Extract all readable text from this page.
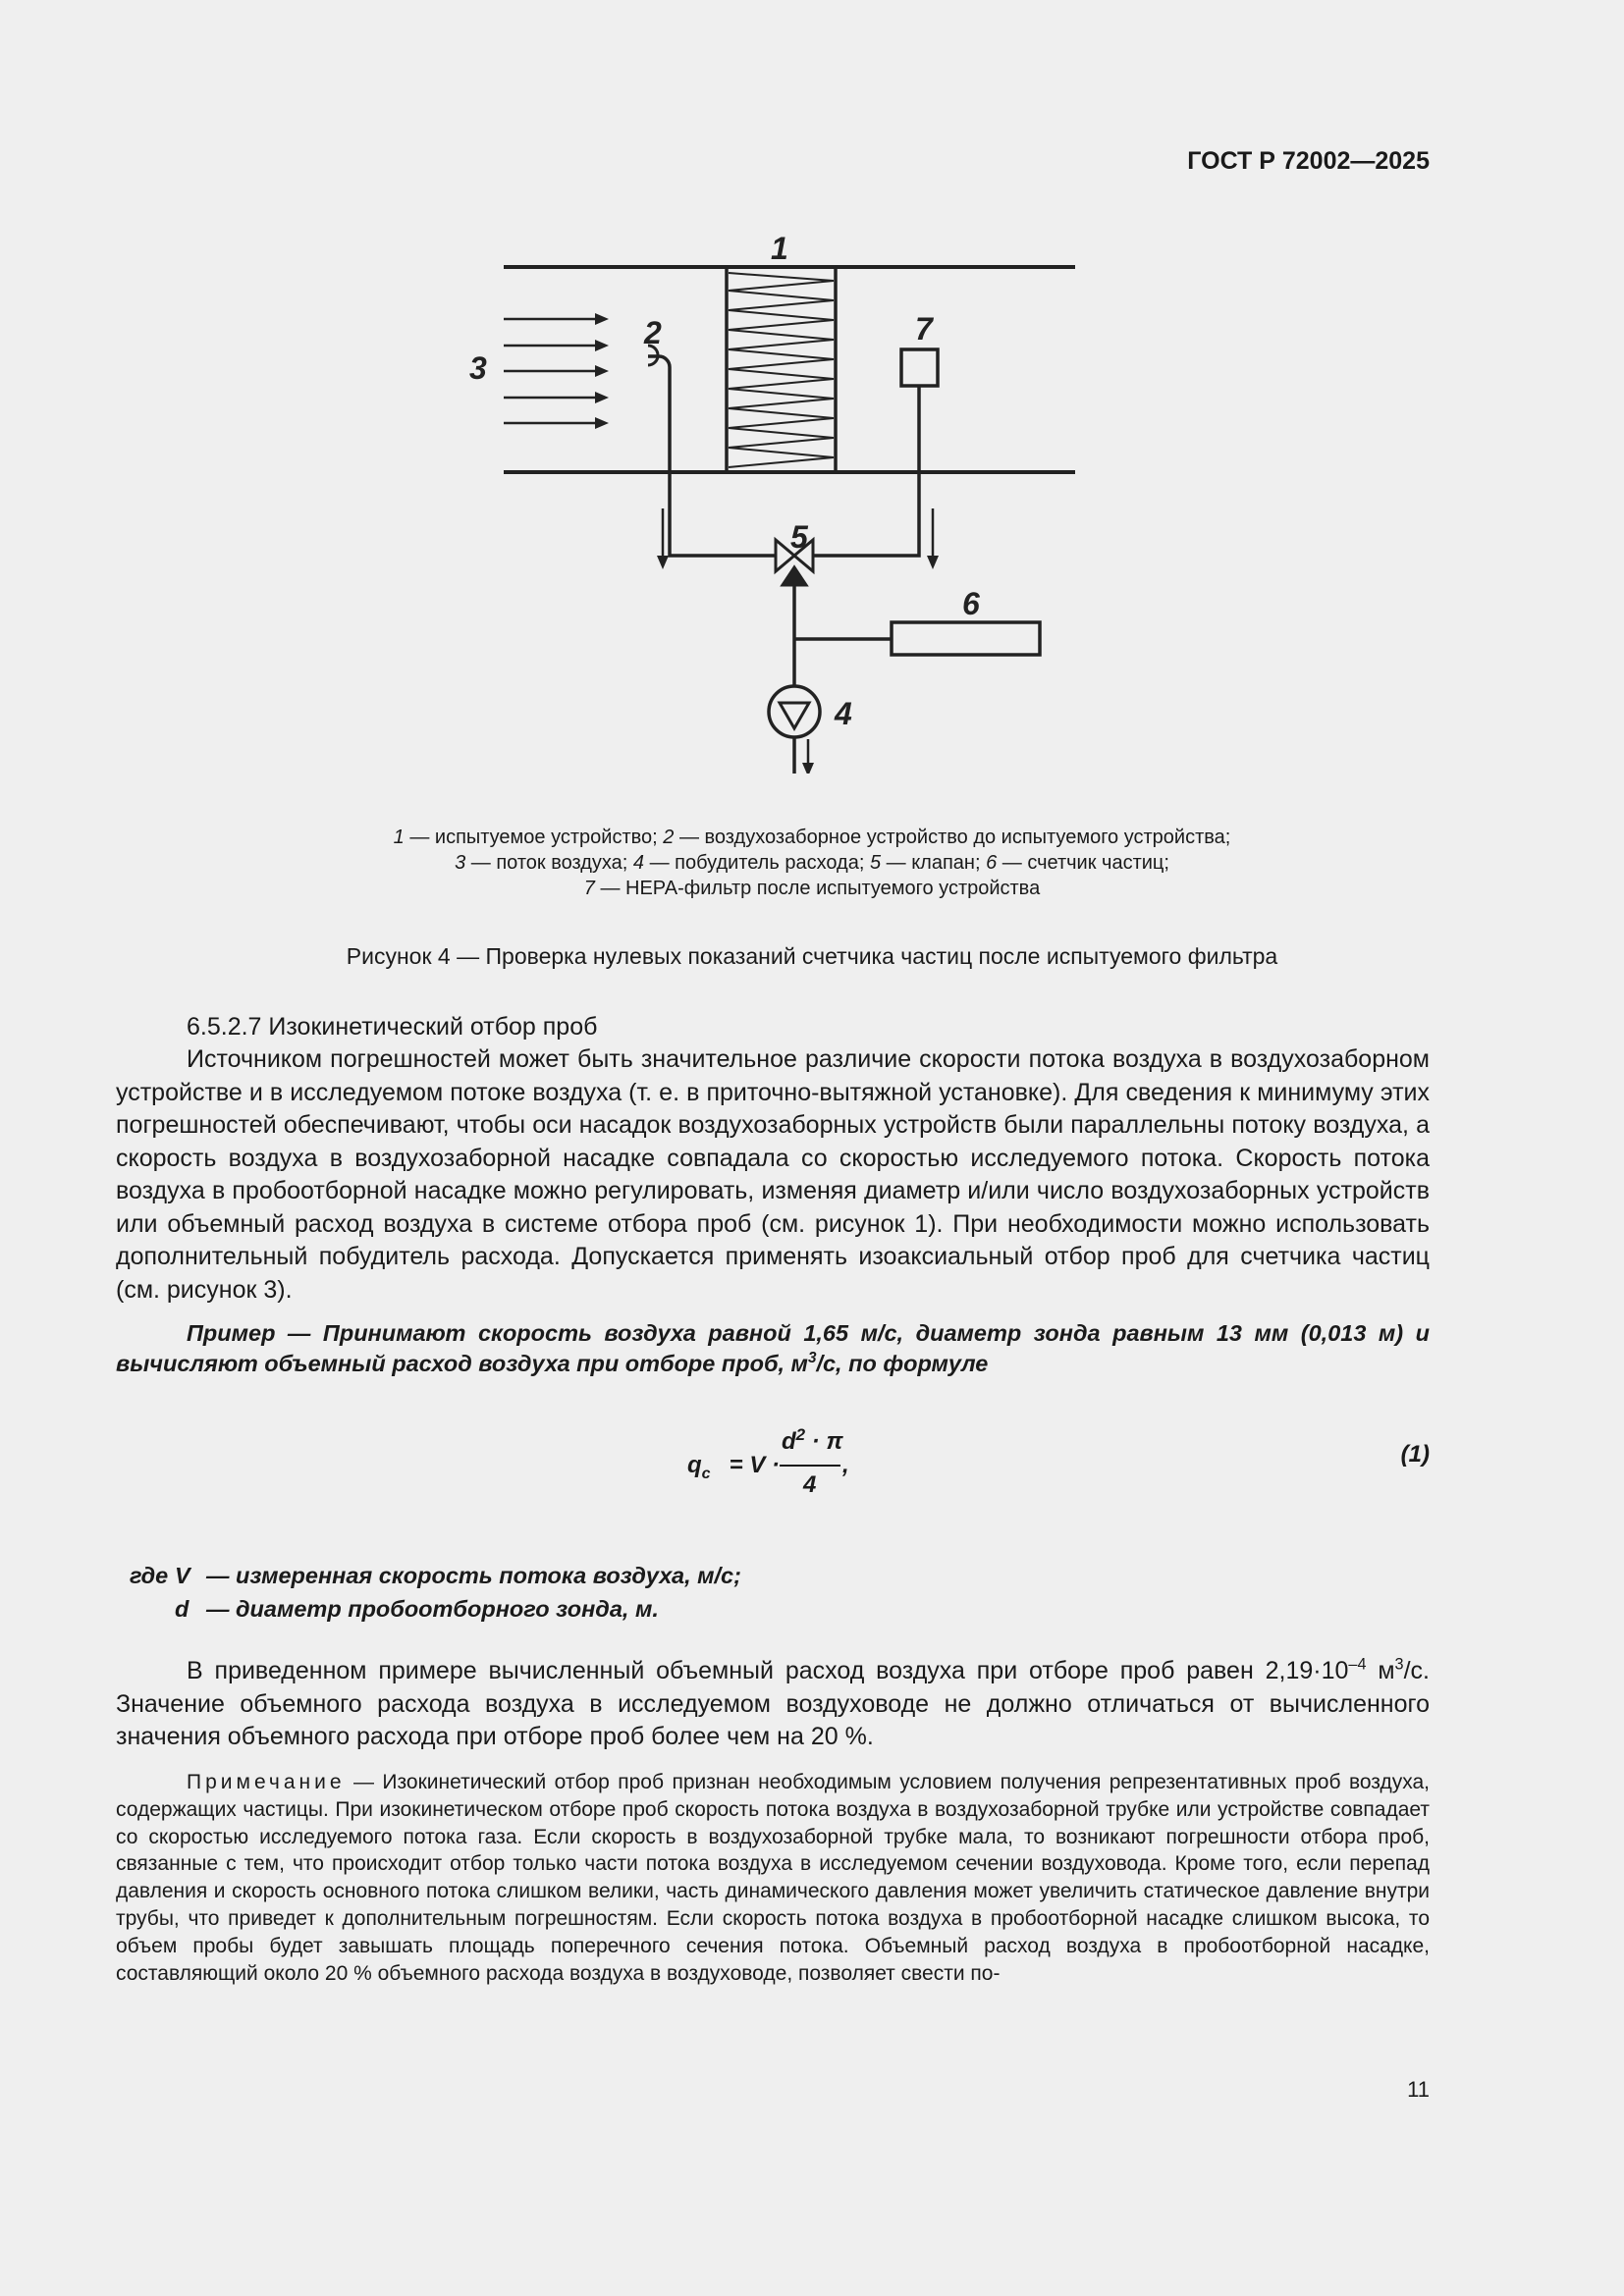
ГОСТ Р 72002—2025
1
2
3
4
5
6
7
1 — испытуемое устройство; 2 — воздухозаборное устройство до испытуемого устройства;
3 — поток воздуха; 4 — побудитель расхода; 5 — клапан; 6 — счетчик частиц;
7 — НЕРА-фильтр после испытуемого устройства
Рисунок 4 — Проверка нулевых показаний счетчика частиц после испытуемого фильтра
6.5.2.7 Изокинетический отбор проб
Источником погрешностей может быть значительное различие скорости потока воздуха в воздухозаборном устройстве и в исследуемом потоке воздуха (т. е. в приточно-вытяжной установке). Для сведения к минимуму этих погрешностей обеспечивают, чтобы оси насадок воздухозаборных устройств были параллельны потоку воздуха, а скорость воздуха в воздухозаборной насадке совпадала со скоростью исследуемого потока. Скорость потока воздуха в пробоотборной насадке можно регулировать, изменяя диаметр и/или число воздухозаборных устройств или объемный расход воздуха в системе отбора проб (см. рисунок 1). При необходимости можно использовать дополнительный побудитель расхода. Допускается применять изоаксиальный отбор проб для счетчика частиц (см. рисунок 3).
Пример — Принимают скорость воздуха равной 1,65 м/с, диаметр зонда равным 13 мм (0,013 м) и вычисляют объемный расход воздуха при отборе проб, $м^3/с$, по формуле
$q_c = V$ ·
$d^2 \cdot \pi$
4
,	(1)
где V — измеренная скорость потока воздуха, м/с;
d — диаметр пробоотборного зонда, м.
В приведенном примере вычисленный объемный расход воздуха при отборе проб равен $2,19\cdot 10^{-4}$ $м^3/с$. Значение объемного расхода воздуха в исследуемом воздуховоде не должно отличаться от вычисленного значения объемного расхода при отборе проб более чем на 20 %.
Примечание — Изокинетический отбор проб признан необходимым условием получения репрезентативных проб воздуха, содержащих частицы. При изокинетическом отборе проб скорость потока воздуха в воздухозаборной трубке или устройстве совпадает со скоростью исследуемого потока газа. Если скорость в воздухозаборной трубке мала, то возникают погрешности отбора проб, связанные с тем, что происходит отбор только части потока воздуха в исследуемом сечении воздуховода. Кроме того, если перепад давления и скорость основного потока слишком велики, часть динамического давления может увеличить статическое давление внутри трубы, что приведет к дополнительным погрешностям. Если скорость потока воздуха в пробоотборной насадке слишком высока, то объем пробы будет завышать площадь поперечного сечения потока. Объемный расход воздуха в пробоотборной насадке, составляющий около 20 % объемного расхода воздуха в воздуховоде, позволяет свести по-
11
